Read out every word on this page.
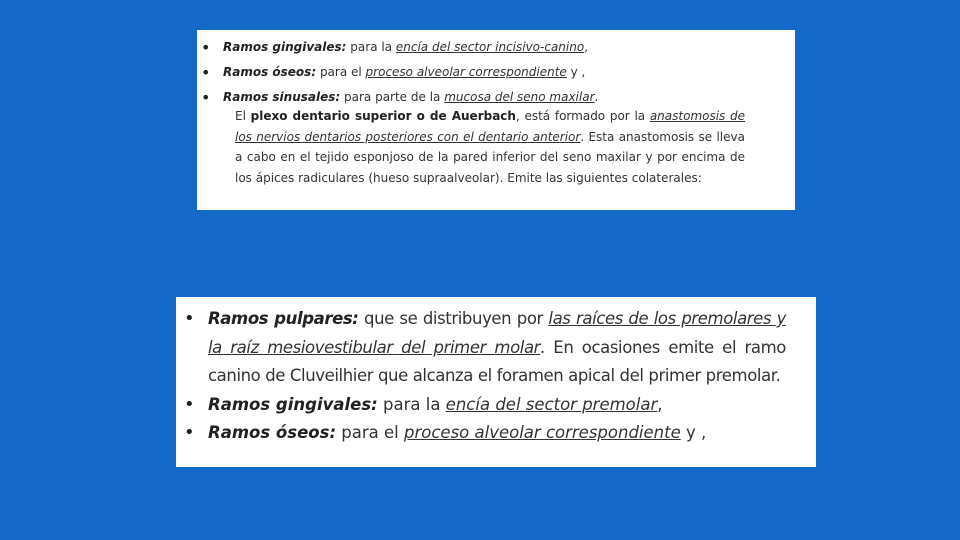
• Ramos gingivales: para la encía del sector incisivo-canino,

• Ramos óseos: para el proceso alveolar correspondiente y ,

• Ramos sinusales: para parte de la mucosa del seno maxilar.

El plexo dentario superior o de Auerbach, está formado por la anastomosis de los nervios dentarios posteriores con el dentario anterior. Esta anastomosis se lleva a cabo en el tejido esponjoso de la pared inferior del seno maxilar y por encima de los ápices radiculares (hueso supraalveolar). Emite las siguientes colaterales:

• Ramos pulpares: que se distribuyen por las raíces de los premolares y la raíz mesiovestibular del primer molar. En ocasiones emite el ramo canino de Cluveilhier que alcanza el foramen apical del primer premolar.

• Ramos gingivales: para la encía del sector premolar,

• Ramos óseos: para el proceso alveolar correspondiente y ,
